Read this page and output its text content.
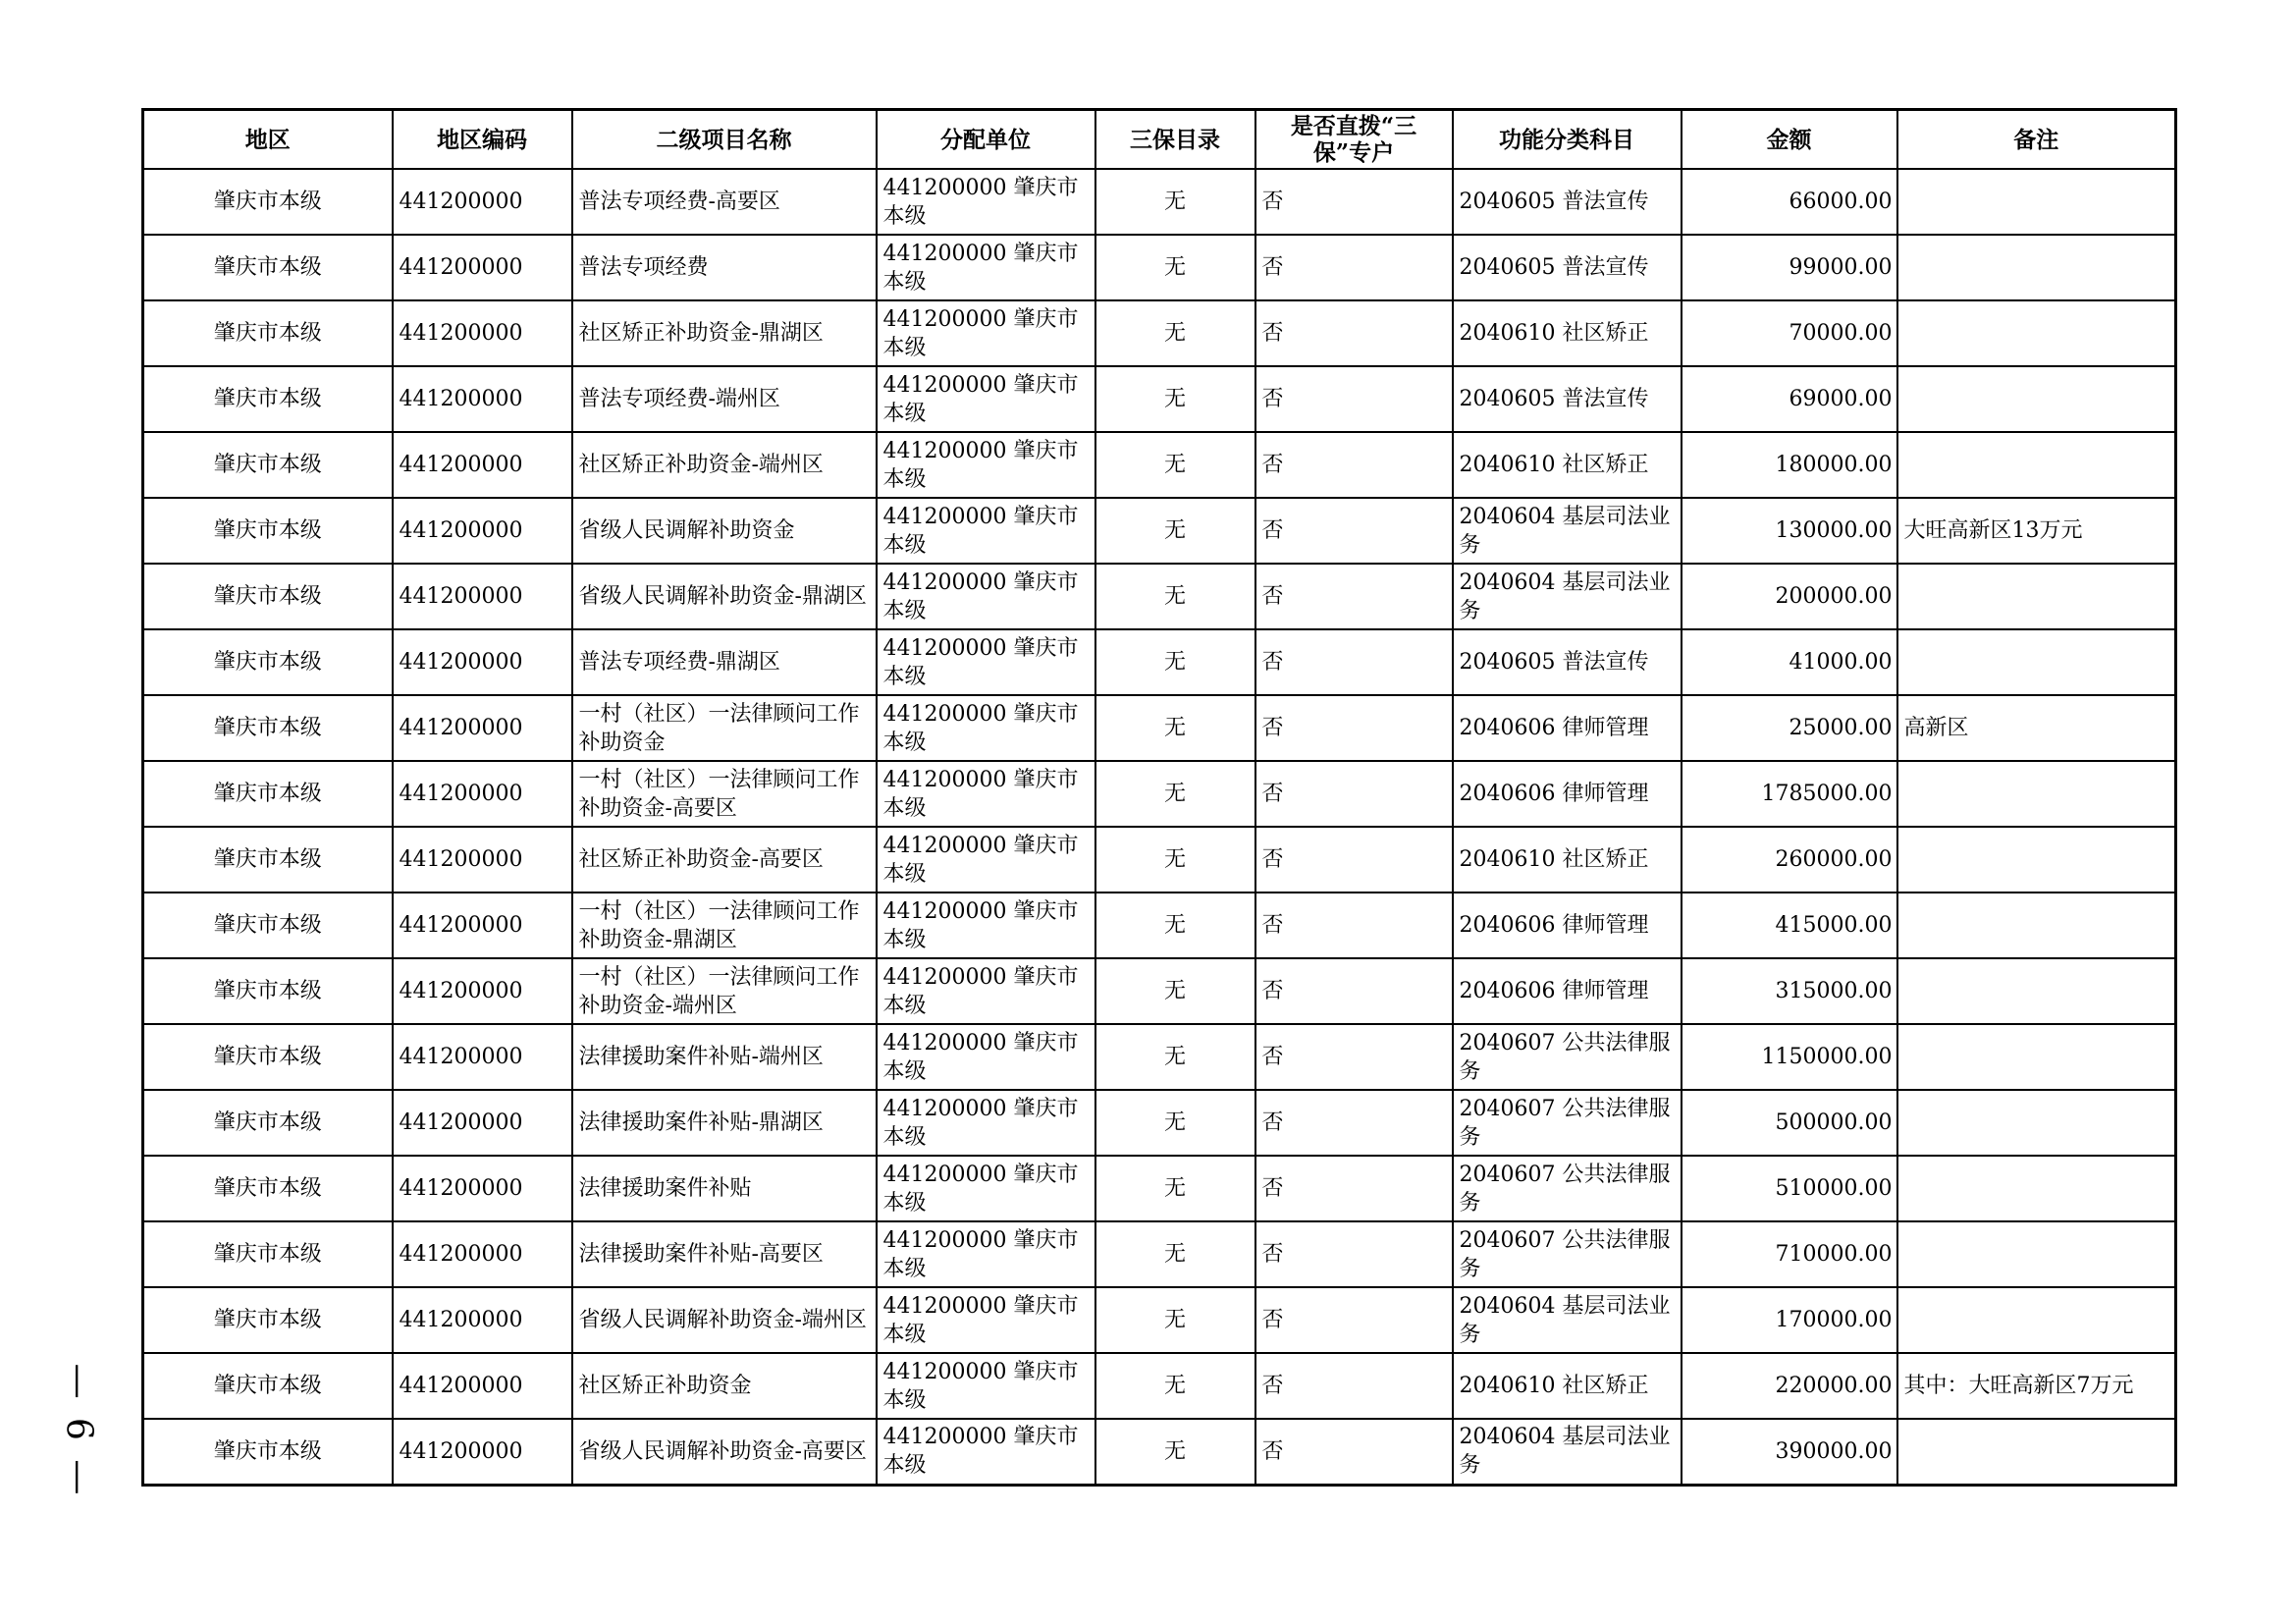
地区	地区编码	二级项目名称	分配单位	三保目录	是否直拨“三保”专户	功能分类科目	金额	备注
肇庆市本级	441200000	普法专项经费-高要区	441200000 肇庆市本级	无	否	2040605 普法宣传	66000.00	
肇庆市本级	441200000	普法专项经费	441200000 肇庆市本级	无	否	2040605 普法宣传	99000.00	
肇庆市本级	441200000	社区矫正补助资金-鼎湖区	441200000 肇庆市本级	无	否	2040610 社区矫正	70000.00	
肇庆市本级	441200000	普法专项经费-端州区	441200000 肇庆市本级	无	否	2040605 普法宣传	69000.00	
肇庆市本级	441200000	社区矫正补助资金-端州区	441200000 肇庆市本级	无	否	2040610 社区矫正	180000.00	
肇庆市本级	441200000	省级人民调解补助资金	441200000 肇庆市本级	无	否	2040604 基层司法业务	130000.00	大旺高新区13万元
肇庆市本级	441200000	省级人民调解补助资金-鼎湖区	441200000 肇庆市本级	无	否	2040604 基层司法业务	200000.00	
肇庆市本级	441200000	普法专项经费-鼎湖区	441200000 肇庆市本级	无	否	2040605 普法宣传	41000.00	
肇庆市本级	441200000	一村（社区）一法律顾问工作补助资金	441200000 肇庆市本级	无	否	2040606 律师管理	25000.00	高新区
肇庆市本级	441200000	一村（社区）一法律顾问工作补助资金-高要区	441200000 肇庆市本级	无	否	2040606 律师管理	1785000.00	
肇庆市本级	441200000	社区矫正补助资金-高要区	441200000 肇庆市本级	无	否	2040610 社区矫正	260000.00	
肇庆市本级	441200000	一村（社区）一法律顾问工作补助资金-鼎湖区	441200000 肇庆市本级	无	否	2040606 律师管理	415000.00	
肇庆市本级	441200000	一村（社区）一法律顾问工作补助资金-端州区	441200000 肇庆市本级	无	否	2040606 律师管理	315000.00	
肇庆市本级	441200000	法律援助案件补贴-端州区	441200000 肇庆市本级	无	否	2040607 公共法律服务	1150000.00	
肇庆市本级	441200000	法律援助案件补贴-鼎湖区	441200000 肇庆市本级	无	否	2040607 公共法律服务	500000.00	
肇庆市本级	441200000	法律援助案件补贴	441200000 肇庆市本级	无	否	2040607 公共法律服务	510000.00	
肇庆市本级	441200000	法律援助案件补贴-高要区	441200000 肇庆市本级	无	否	2040607 公共法律服务	710000.00	
肇庆市本级	441200000	省级人民调解补助资金-端州区	441200000 肇庆市本级	无	否	2040604 基层司法业务	170000.00	
肇庆市本级	441200000	社区矫正补助资金	441200000 肇庆市本级	无	否	2040610 社区矫正	220000.00	其中：大旺高新区7万元
肇庆市本级	441200000	省级人民调解补助资金-高要区	441200000 肇庆市本级	无	否	2040604 基层司法业务	390000.00	
— 6 —
